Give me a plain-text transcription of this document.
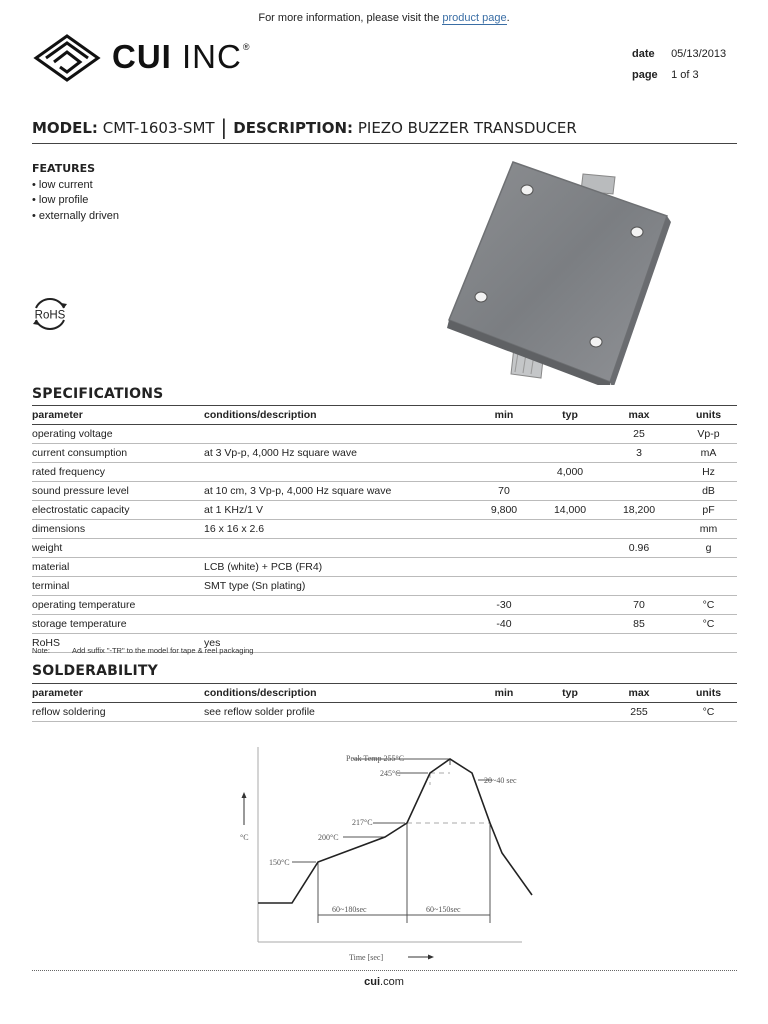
For more information, please visit the product page.
CUI INC®
date 05/13/2013
page 1 of 3
MODEL: CMT-1603-SMT | DESCRIPTION: PIEZO BUZZER TRANSDUCER
FEATURES
• low current
• low profile
• externally driven
RoHS
SPECIFICATIONS
parameter	conditions/description	min	typ	max	units
operating voltage				25	Vp-p
current consumption	at 3 Vp-p, 4,000 Hz square wave			3	mA
rated frequency			4,000		Hz
sound pressure level	at 10 cm, 3 Vp-p, 4,000 Hz square wave	70			dB
electrostatic capacity	at 1 KHz/1 V	9,800	14,000	18,200	pF
dimensions	16 x 16 x 2.6				mm
weight				0.96	g
material	LCB (white) + PCB (FR4)				
terminal	SMT type (Sn plating)				
operating temperature		-30		70	°C
storage temperature		-40		85	°C
RoHS	yes				
Note:	Add suffix "-TR" to the model for tape & reel packaging
SOLDERABILITY
parameter	conditions/description	min	typ	max	units
reflow soldering	see reflow solder profile			255	°C
°C
Peak Temp 255°C
245°C
20~40 sec
217°C
200°C
150°C
60~180sec	60~150sec
Time [sec]
cui.com
